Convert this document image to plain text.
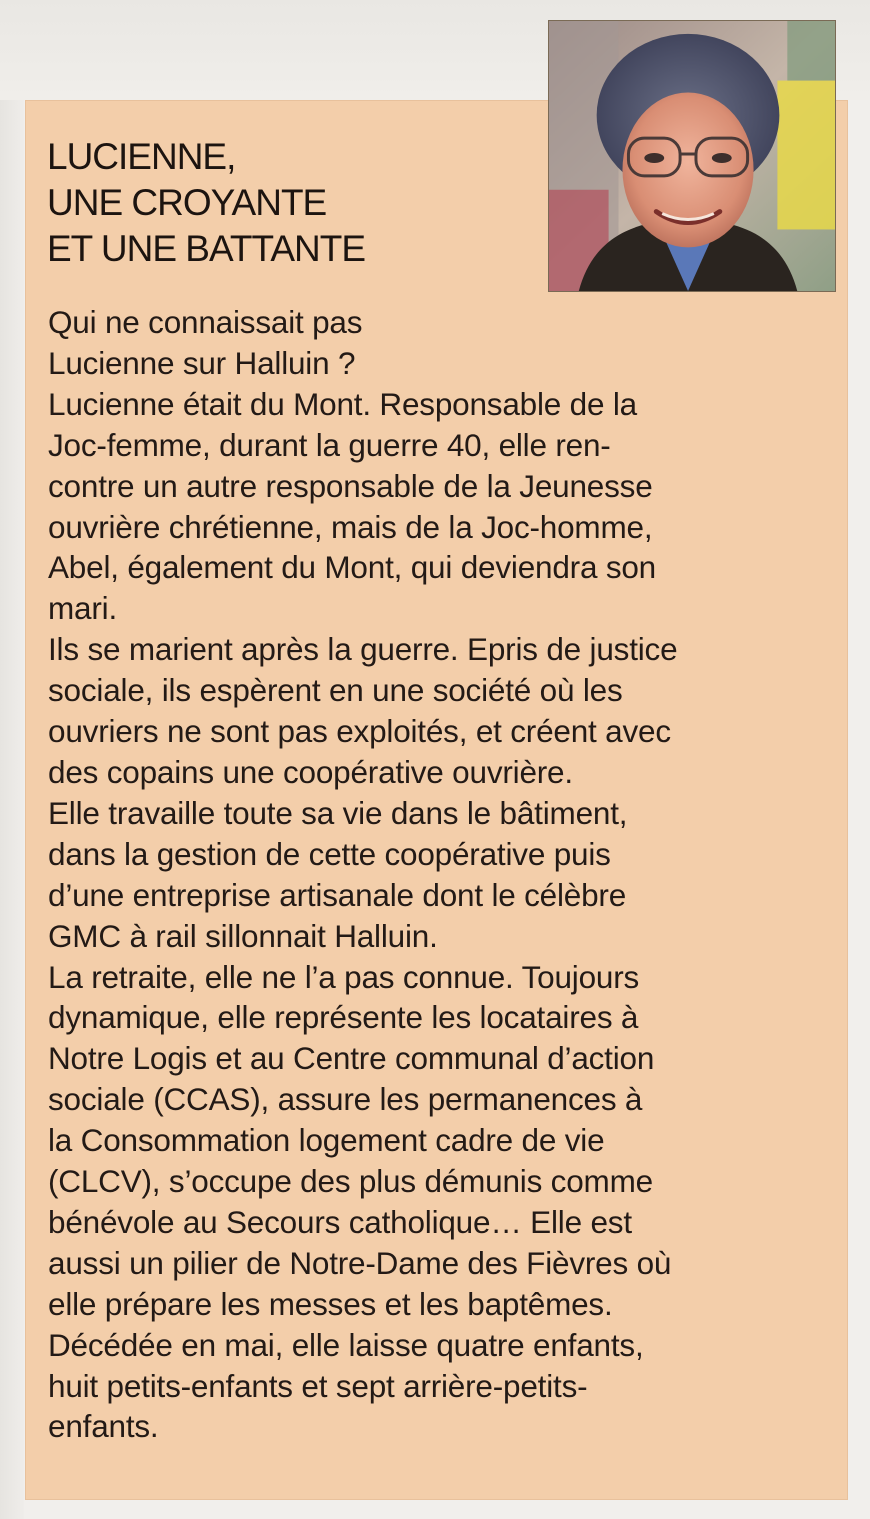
LUCIENNE,
UNE CROYANTE
ET UNE BATTANTE
Qui ne connaissait pas
Lucienne sur Halluin ?
Lucienne était du Mont. Responsable de la
Joc-femme, durant la guerre 40, elle ren-
contre un autre responsable de la Jeunesse
ouvrière chrétienne, mais de la Joc-homme,
Abel, également du Mont, qui deviendra son
mari.
Ils se marient après la guerre. Epris de justice
sociale, ils espèrent en une société où les
ouvriers ne sont pas exploités, et créent avec
des copains une coopérative ouvrière.
Elle travaille toute sa vie dans le bâtiment,
dans la gestion de cette coopérative puis
d’une entreprise artisanale dont le célèbre
GMC à rail sillonnait Halluin.
La retraite, elle ne l’a pas connue. Toujours
dynamique, elle représente les locataires à
Notre Logis et au Centre communal d’action
sociale (CCAS), assure les permanences à
la Consommation logement cadre de vie
(CLCV), s’occupe des plus démunis comme
bénévole au Secours catholique… Elle est
aussi un pilier de Notre-Dame des Fièvres où
elle prépare les messes et les baptêmes.
Décédée en mai, elle laisse quatre enfants,
huit petits-enfants et sept arrière-petits-
enfants.
